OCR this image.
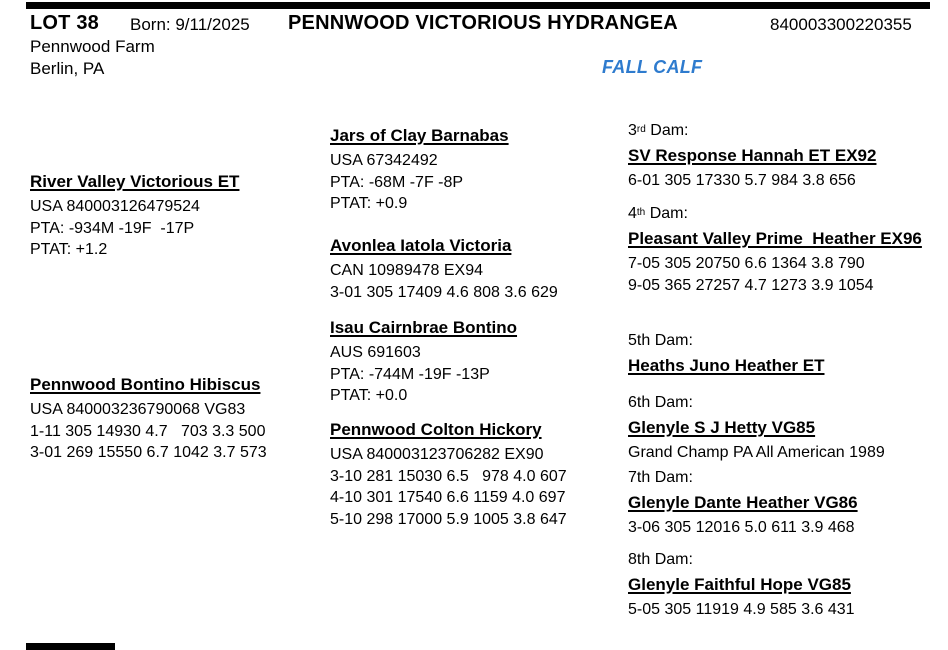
LOT 38 Born: 9/11/2025 PENNWOOD VICTORIOUS HYDRANGEA	840003300220355
Pennwood Farm
Berlin, PA	FALL CALF
River Valley Victorious ET
USA 840003126479524
PTA: -934M -19F  -17P
PTAT: +1.2
Pennwood Bontino Hibiscus
USA 840003236790068 VG83
1-11 305 14930 4.7   703 3.3 500
3-01 269 15550 6.7 1042 3.7 573
Jars of Clay Barnabas
USA 67342492
PTA: -68M -7F -8P
PTAT: +0.9
Avonlea Iatola Victoria
CAN 10989478 EX94
3-01 305 17409 4.6 808 3.6 629
Isau Cairnbrae Bontino
AUS 691603
PTA: -744M -19F -13P
PTAT: +0.0
Pennwood Colton Hickory
USA 840003123706282 EX90
3-10 281 15030 6.5   978 4.0 607
4-10 301 17540 6.6 1159 4.0 697
5-10 298 17000 5.9 1005 3.8 647
3rd Dam:
SV Response Hannah ET EX92
6-01 305 17330 5.7 984 3.8 656
4th Dam:
Pleasant Valley Prime  Heather EX96
7-05 305 20750 6.6 1364 3.8 790
9-05 365 27257 4.7 1273 3.9 1054
5th Dam:
Heaths Juno Heather ET
6th Dam:
Glenyle S J Hetty VG85
Grand Champ PA All American 1989
7th Dam:
Glenyle Dante Heather VG86
3-06 305 12016 5.0 611 3.9 468
8th Dam:
Glenyle Faithful Hope VG85
5-05 305 11919 4.9 585 3.6 431
